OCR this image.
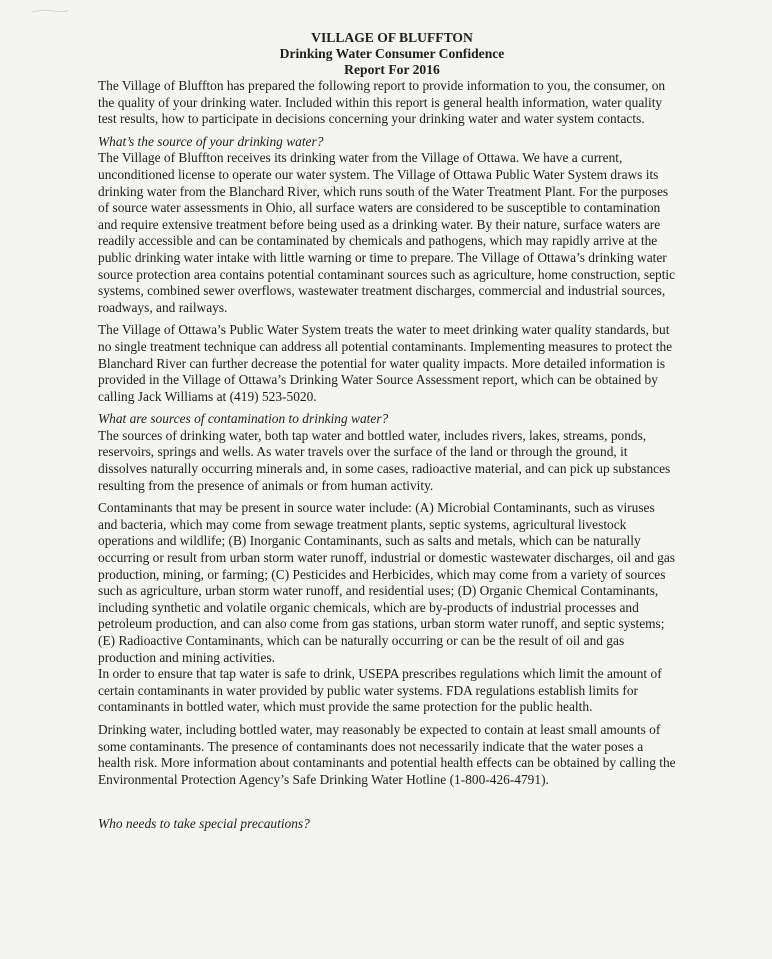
VILLAGE OF BLUFFTON
Drinking Water Consumer Confidence
Report For 2016

The Village of Bluffton has prepared the following report to provide information to you, the consumer, on the quality of your drinking water. Included within this report is general health information, water quality test results, how to participate in decisions concerning your drinking water and water system contacts.

What’s the source of your drinking water?

The Village of Bluffton receives its drinking water from the Village of Ottawa. We have a current, unconditioned license to operate our water system. The Village of Ottawa Public Water System draws its drinking water from the Blanchard River, which runs south of the Water Treatment Plant. For the purposes of source water assessments in Ohio, all surface waters are considered to be susceptible to contamination and require extensive treatment before being used as a drinking water. By their nature, surface waters are readily accessible and can be contaminated by chemicals and pathogens, which may rapidly arrive at the public drinking water intake with little warning or time to prepare. The Village of Ottawa’s drinking water source protection area contains potential contaminant sources such as agriculture, home construction, septic systems, combined sewer overflows, wastewater treatment discharges, commercial and industrial sources, roadways, and railways.

The Village of Ottawa’s Public Water System treats the water to meet drinking water quality standards, but no single treatment technique can address all potential contaminants. Implementing measures to protect the Blanchard River can further decrease the potential for water quality impacts. More detailed information is provided in the Village of Ottawa’s Drinking Water Source Assessment report, which can be obtained by calling Jack Williams at (419) 523-5020.

What are sources of contamination to drinking water?

The sources of drinking water, both tap water and bottled water, includes rivers, lakes, streams, ponds, reservoirs, springs and wells. As water travels over the surface of the land or through the ground, it dissolves naturally occurring minerals and, in some cases, radioactive material, and can pick up substances resulting from the presence of animals or from human activity.

Contaminants that may be present in source water include: (A) Microbial Contaminants, such as viruses and bacteria, which may come from sewage treatment plants, septic systems, agricultural livestock operations and wildlife; (B) Inorganic Contaminants, such as salts and metals, which can be naturally occurring or result from urban storm water runoff, industrial or domestic wastewater discharges, oil and gas production, mining, or farming; (C) Pesticides and Herbicides, which may come from a variety of sources such as agriculture, urban storm water runoff, and residential uses; (D) Organic Chemical Contaminants, including synthetic and volatile organic chemicals, which are by-products of industrial processes and petroleum production, and can also come from gas stations, urban storm water runoff, and septic systems; (E) Radioactive Contaminants, which can be naturally occurring or can be the result of oil and gas production and mining activities.

In order to ensure that tap water is safe to drink, USEPA prescribes regulations which limit the amount of certain contaminants in water provided by public water systems. FDA regulations establish limits for contaminants in bottled water, which must provide the same protection for the public health.

Drinking water, including bottled water, may reasonably be expected to contain at least small amounts of some contaminants. The presence of contaminants does not necessarily indicate that the water poses a health risk. More information about contaminants and potential health effects can be obtained by calling the Environmental Protection Agency’s Safe Drinking Water Hotline (1-800-426-4791).

Who needs to take special precautions?
